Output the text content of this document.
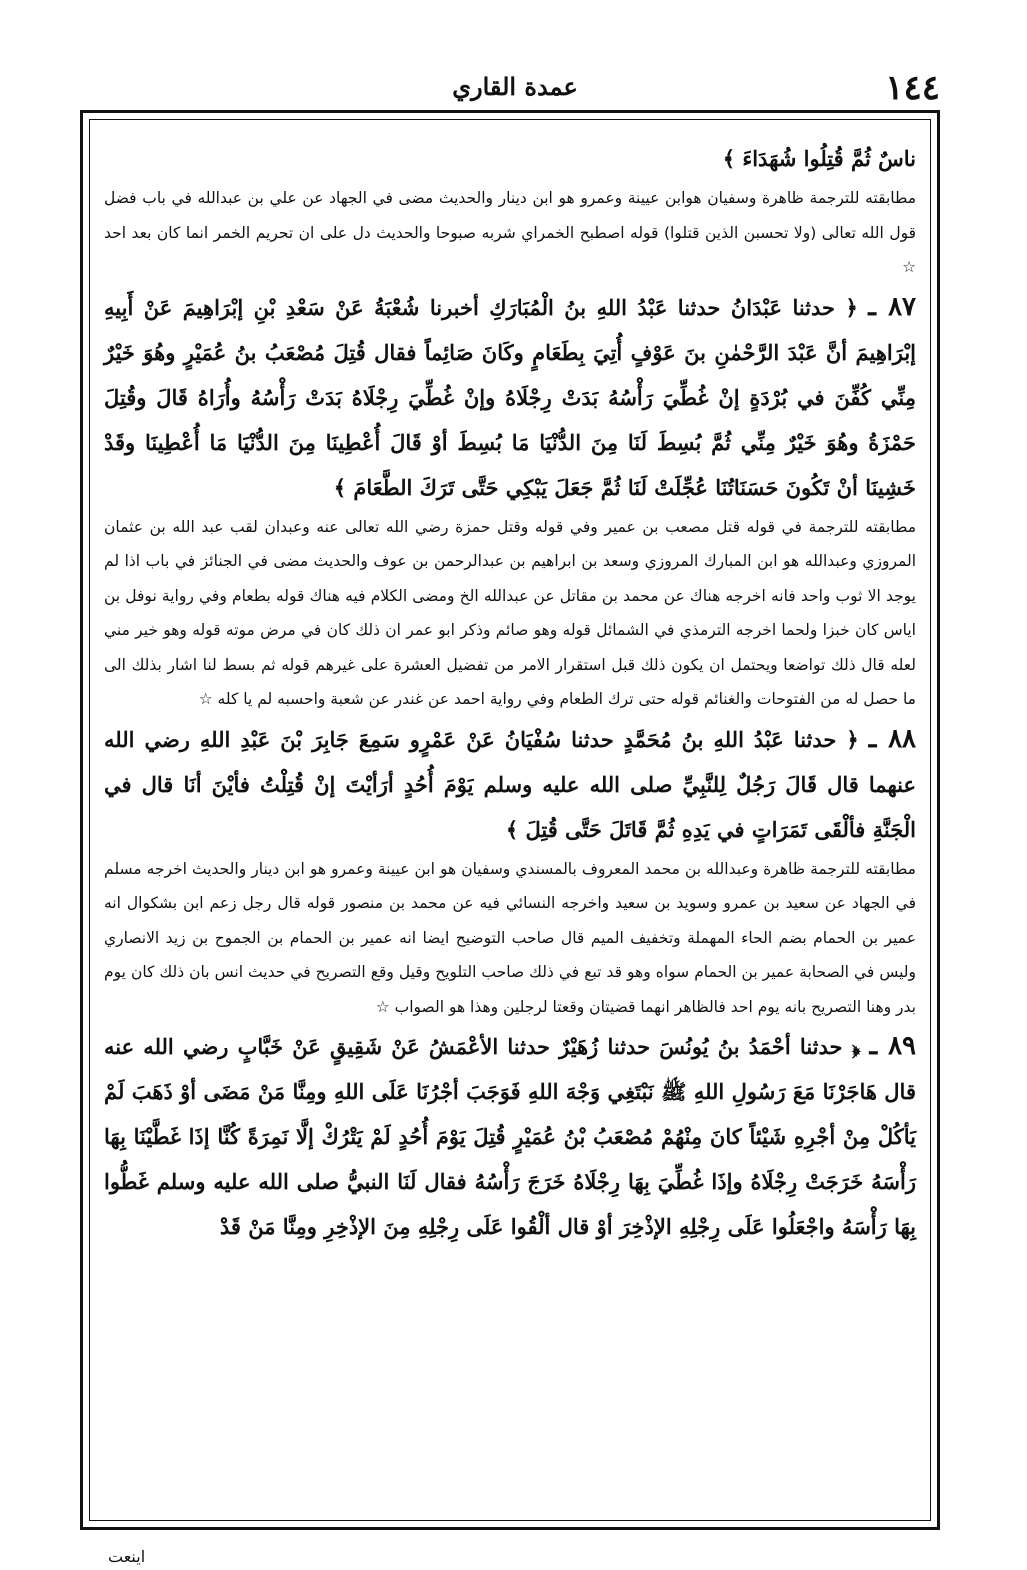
عمدة القاري	١٤٤

ناسٌ ثُمَّ قُتِلُوا شُهَدَاءَ ﴾

مطابقته للترجمة ظاهرة وسفيان هوابن عيينة وعمرو هو ابن دينار والحديث مضى في الجهاد عن علي بن عبدالله في باب فضل قول الله تعالى (ولا تحسبن الذين قتلوا) قوله اصطبح الخمراي شربه صبوحا والحديث دل على ان تحريم الخمر انما كان بعد احد ☆

٨٧ ـ ﴿ حدثنا عَبْدَانُ حدثنا عَبْدُ اللهِ بنُ الْمُبَارَكِ أخبرنا شُعْبَةُ عَنْ سَعْدِ بْنِ إبْرَاهِيمَ عَنْ أَبِيهِ إبْرَاهِيمَ أنَّ عَبْدَ الرَّحْمٰنِ بنَ عَوْفٍ أُتِيَ بِطَعَامٍ وكَانَ صَائِماً فقال قُتِلَ مُصْعَبُ بنُ عُمَيْرٍ وهُوَ خَيْرٌ مِنِّي كُفِّنَ في بُرْدَةٍ إنْ غُطِّيَ رَأْسُهُ بَدَتْ رِجْلَاهُ وإنْ غُطِّيَ رِجْلَاهُ بَدَتْ رَأْسُهُ وأُرَاهُ قَالَ وقُتِلَ حَمْزَةُ وهُوَ خَيْرٌ مِنِّي ثُمَّ بُسِطَ لَنَا مِنَ الدُّنْيَا مَا بُسِطَ أوْ قَالَ أُعْطِينَا مِنَ الدُّنْيَا مَا أُعْطِينَا وقَدْ خَشِينَا أنْ تَكُونَ حَسَنَاتُنَا عُجِّلَتْ لَنَا ثُمَّ جَعَلَ يَبْكِي حَتَّى تَرَكَ الطَّعَامَ ﴾

مطابقته للترجمة في قوله قتل مصعب بن عمير وفي قوله وقتل حمزة رضي الله تعالى عنه وعبدان لقب عبد الله بن عثمان المروزي وعبدالله هو ابن المبارك المروزي وسعد بن ابراهيم بن عبدالرحمن بن عوف والحديث مضى في الجنائز في باب اذا لم يوجد الا ثوب واحد فانه اخرجه هناك عن محمد بن مقاتل عن عبدالله الخ ومضى الكلام فيه هناك قوله بطعام وفي رواية نوفل بن اياس كان خبزا ولحما اخرجه الترمذي في الشمائل قوله وهو صائم وذكر ابو عمر ان ذلك كان في مرض موته قوله وهو خير مني لعله قال ذلك تواضعا ويحتمل ان يكون ذلك قبل استقرار الامر من تفضيل العشرة على غيرهم قوله ثم بسط لنا اشار بذلك الى ما حصل له من الفتوحات والغنائم قوله حتى ترك الطعام وفي رواية احمد عن غندر عن شعبة واحسبه لم يا كله ☆

٨٨ ـ ﴿ حدثنا عَبْدُ اللهِ بنُ مُحَمَّدٍ حدثنا سُفْيَانُ عَنْ عَمْرٍو سَمِعَ جَابِرَ بْنَ عَبْدِ اللهِ رضي الله عنهما قال قَالَ رَجُلٌ لِلنَّبِيِّ صلى الله عليه وسلم يَوْمَ أُحُدٍ أرَأيْتَ إنْ قُتِلْتُ فأيْنَ أنَا قال في الْجَنَّةِ فألْقَى تَمَرَاتٍ في يَدِهِ ثُمَّ قَاتَلَ حَتَّى قُتِلَ ﴾

مطابقته للترجمة ظاهرة وعبدالله بن محمد المعروف بالمسندي وسفيان هو ابن عيينة وعمرو هو ابن دينار والحديث اخرجه مسلم في الجهاد عن سعيد بن عمرو وسويد بن سعيد واخرجه النسائي فيه عن محمد بن منصور قوله قال رجل زعم ابن بشكوال انه عمير بن الحمام بضم الحاء المهملة وتخفيف الميم قال صاحب التوضيح ايضا انه عمير بن الحمام بن الجموح بن زيد الانصاري وليس في الصحابة عمير بن الحمام سواه وهو قد تبع في ذلك صاحب التلويح وقيل وقع التصريح في حديث انس بان ذلك كان يوم بدر وهنا التصريح بانه يوم احد فالظاهر انهما قضيتان وقعتا لرجلين وهذا هو الصواب ☆

٨٩ ـ ﴿ حدثنا أحْمَدُ بنُ يُونُسَ حدثنا زُهَيْرٌ حدثنا الأعْمَشُ عَنْ شَقِيقٍ عَنْ خَبَّابٍ رضي الله عنه قال هَاجَرْنَا مَعَ رَسُولِ اللهِ ﷺ نَبْتَغِي وَجْهَ اللهِ فَوَجَبَ أجْرُنَا عَلَى اللهِ ومِنَّا مَنْ مَضَى أوْ ذَهَبَ لَمْ يَأكُلْ مِنْ أجْرِهِ شَيْئاً كانَ مِنْهُمْ مُصْعَبُ بْنُ عُمَيْرٍ قُتِلَ يَوْمَ أُحُدٍ لَمْ يَتْرُكْ إلَّا نَمِرَةً كُنَّا إذَا غَطَّيْنَا بِهَا رَأْسَهُ خَرَجَتْ رِجْلَاهُ وإذَا غُطِّيَ بِهَا رِجْلَاهُ خَرَجَ رَأْسُهُ فقال لَنَا النبيُّ صلى الله عليه وسلم غَطُّوا بِهَا رَأْسَهُ واجْعَلُوا عَلَى رِجْلِهِ الإذْخِرَ أوْ قال ألْقُوا عَلَى رِجْلِهِ مِنَ الإذْخِرِ ومِنَّا مَنْ قَدْ

اينعت
